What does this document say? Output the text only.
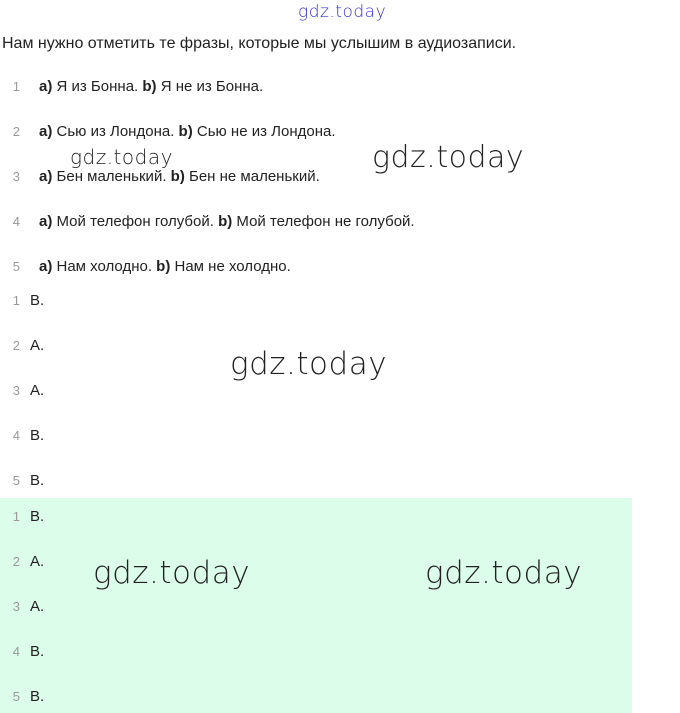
gdz.today
Нам нужно отметить те фразы, которые мы услышим в аудиозаписи.
1 a) Я из Бонна. b) Я не из Бонна.
2 a) Сью из Лондона. b) Сью не из Лондона.
3 a) Бен маленький. b) Бен не маленький.
4 a) Мой телефон голубой. b) Мой телефон не голубой.
5 a) Нам холодно. b) Нам не холодно.
1 B.
2 A.
3 A.
4 B.
5 B.
1 B.
2 A.
3 A.
4 B.
5 B.
gdz.today	gdz.today
gdz.today
gdz.today	gdz.today
